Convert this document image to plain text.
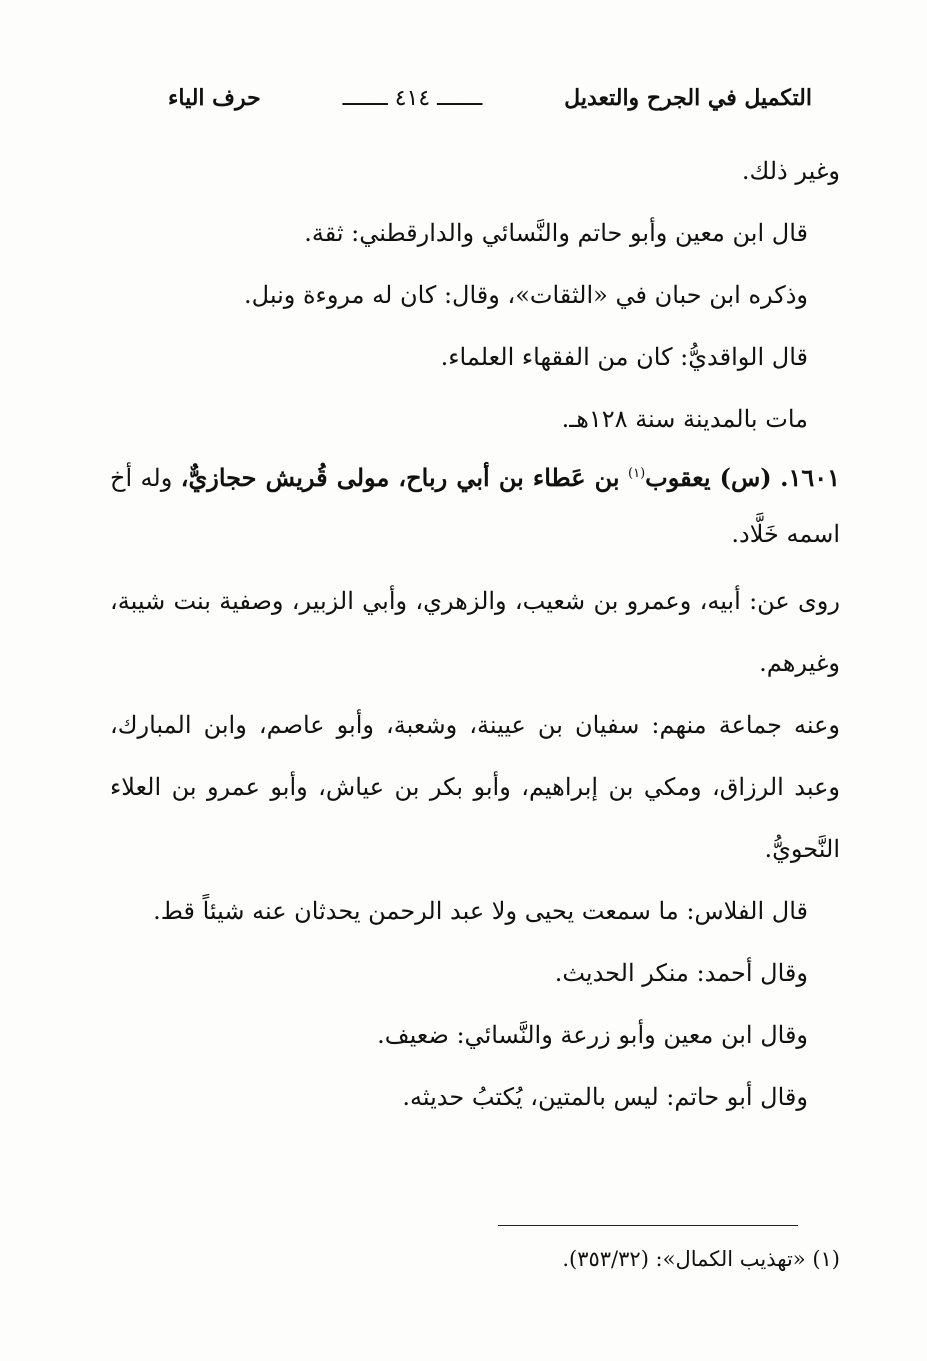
التكميل في الجرح والتعديل
ـــــــ ٤١٤ ـــــــ
حرف الياء

وغير ذلك.

قال ابن معين وأبو حاتم والنَّسائي والدارقطني: ثقة.

وذكره ابن حبان في «الثقات»، وقال: كان له مروءة ونبل.

قال الواقديُّ: كان من الفقهاء العلماء.

مات بالمدينة سنة ١٢٨هـ.

١٦٠١. (س) يعقوب$^{(١)}$ بن عَطاء بن أبي رباح، مولى قُريش حجازيٌّ، وله أخ اسمه خَلَّاد.

روى عن: أبيه، وعمرو بن شعيب، والزهري، وأبي الزبير، وصفية بنت شيبة، وغيرهم.

وعنه جماعة منهم: سفيان بن عيينة، وشعبة، وأبو عاصم، وابن المبارك، وعبد الرزاق، ومكي بن إبراهيم، وأبو بكر بن عياش، وأبو عمرو بن العلاء النَّحويُّ.

قال الفلاس: ما سمعت يحيى ولا عبد الرحمن يحدثان عنه شيئاً قط.

وقال أحمد: منكر الحديث.

وقال ابن معين وأبو زرعة والنَّسائي: ضعيف.

وقال أبو حاتم: ليس بالمتين، يُكتبُ حديثه.

(١) «تهذيب الكمال»: (٣٥٣/٣٢).
